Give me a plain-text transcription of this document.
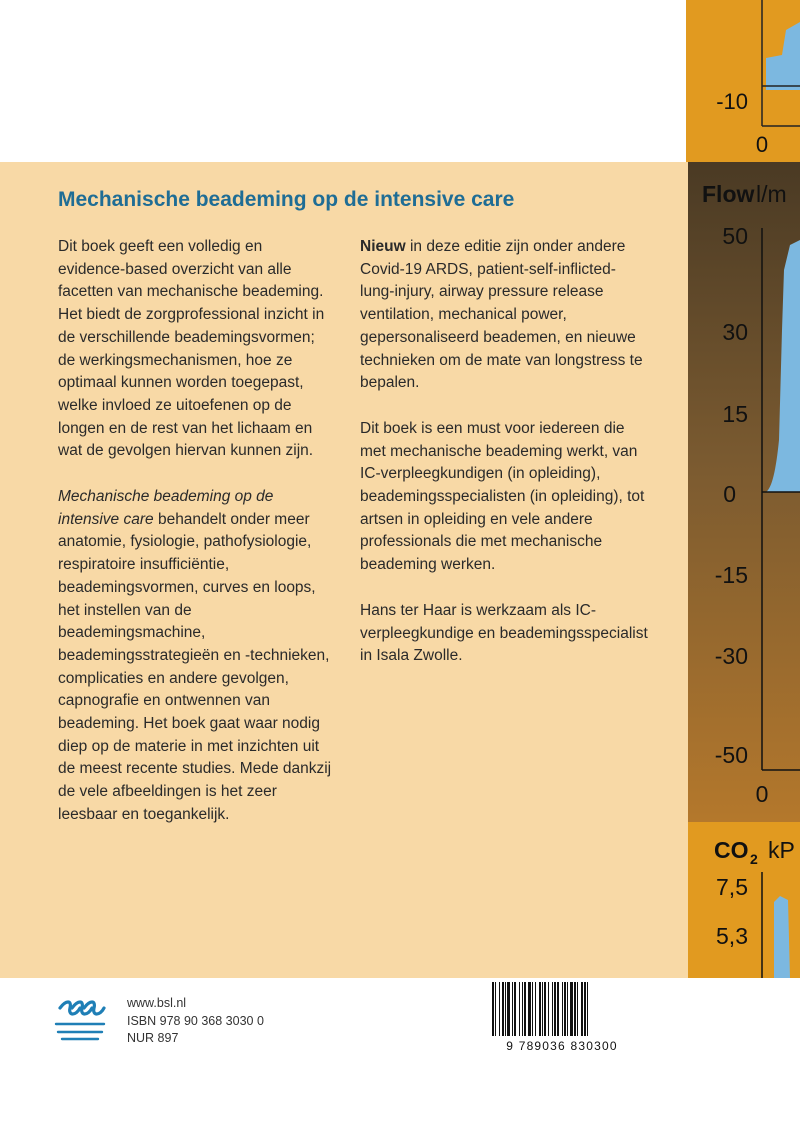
-10
0
Flow l/m
50
30
15
0
-15
-30
-50
0
CO 2 kP
7,5
5,3
Mechanische beademing op de intensive care

Dit boek geeft een volledig en evidence-based overzicht van alle facetten van mechanische beademing. Het biedt de zorgprofessional inzicht in de verschillende beademingsvormen; de werkingsmechanismen, hoe ze optimaal kunnen worden toegepast, welke invloed ze uitoefenen op de longen en de rest van het lichaam en wat de gevolgen hiervan kunnen zijn.

Mechanische beademing op de intensive care behandelt onder meer anatomie, fysiologie, pathofysiologie, respiratoire insufficiëntie, beademingsvormen, curves en loops, het instellen van de beademingsmachine, beademingsstrategieën en -technieken, complicaties en andere gevolgen, capnografie en ontwennen van beademing. Het boek gaat waar nodig diep op de materie in met inzichten uit de meest recente studies. Mede dankzij de vele afbeeldingen is het zeer leesbaar en toegankelijk.

Nieuw in deze editie zijn onder andere Covid-19 ARDS, patient-self-inflicted-lung-injury, airway pressure release ventilation, mechanical power, gepersonaliseerd beademen, en nieuwe technieken om de mate van longstress te bepalen.

Dit boek is een must voor iedereen die met mechanische beademing werkt, van IC-verpleegkundigen (in opleiding), beademingsspecialisten (in opleiding), tot artsen in opleiding en vele andere professionals die met mechanische beademing werken.

Hans ter Haar is werkzaam als IC-verpleegkundige en beademingsspecialist in Isala Zwolle.

www.bsl.nl
ISBN 978 90 368 3030 0
NUR 897
9 789036 830300
